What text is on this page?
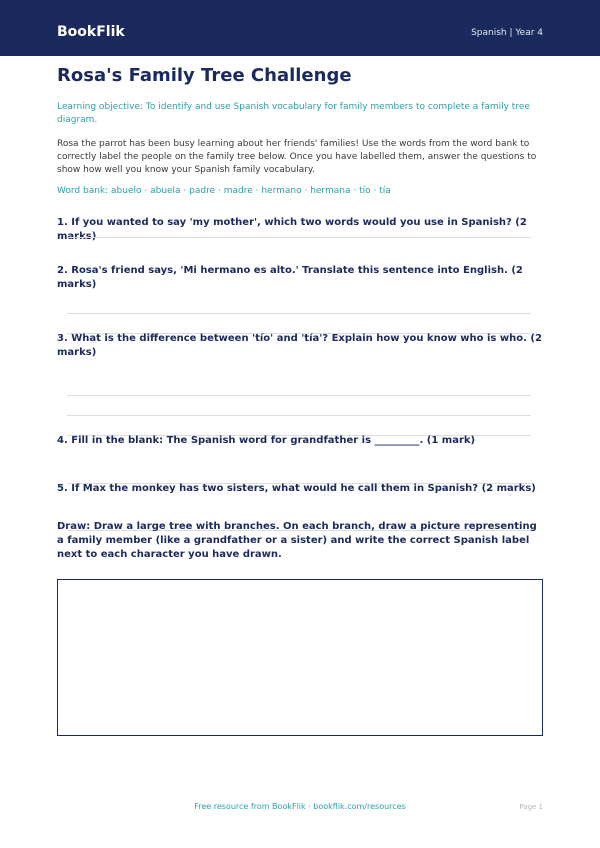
BookFlik	Spanish | Year 4
Rosa's Family Tree Challenge

Learning objective: To identify and use Spanish vocabulary for family members to complete a family tree diagram.

Rosa the parrot has been busy learning about her friends' families! Use the words from the word bank to correctly label the people on the family tree below. Once you have labelled them, answer the questions to show how well you know your Spanish family vocabulary.

Word bank: abuelo · abuela · padre · madre · hermano · hermana · tío · tía

1. If you wanted to say 'my mother', which two words would you use in Spanish? (2 marks)
2. Rosa's friend says, 'Mi hermano es alto.' Translate this sentence into English. (2 marks)
3. What is the difference between 'tío' and 'tía'? Explain how you know who is who. (2 marks)
4. Fill in the blank: The Spanish word for grandfather is _________. (1 mark)
5. If Max the monkey has two sisters, what would he call them in Spanish? (2 marks)
Draw: Draw a large tree with branches. On each branch, draw a picture representing a family member (like a grandfather or a sister) and write the correct Spanish label next to each character you have drawn.
Free resource from BookFlik · bookflik.com/resources	Page 1
